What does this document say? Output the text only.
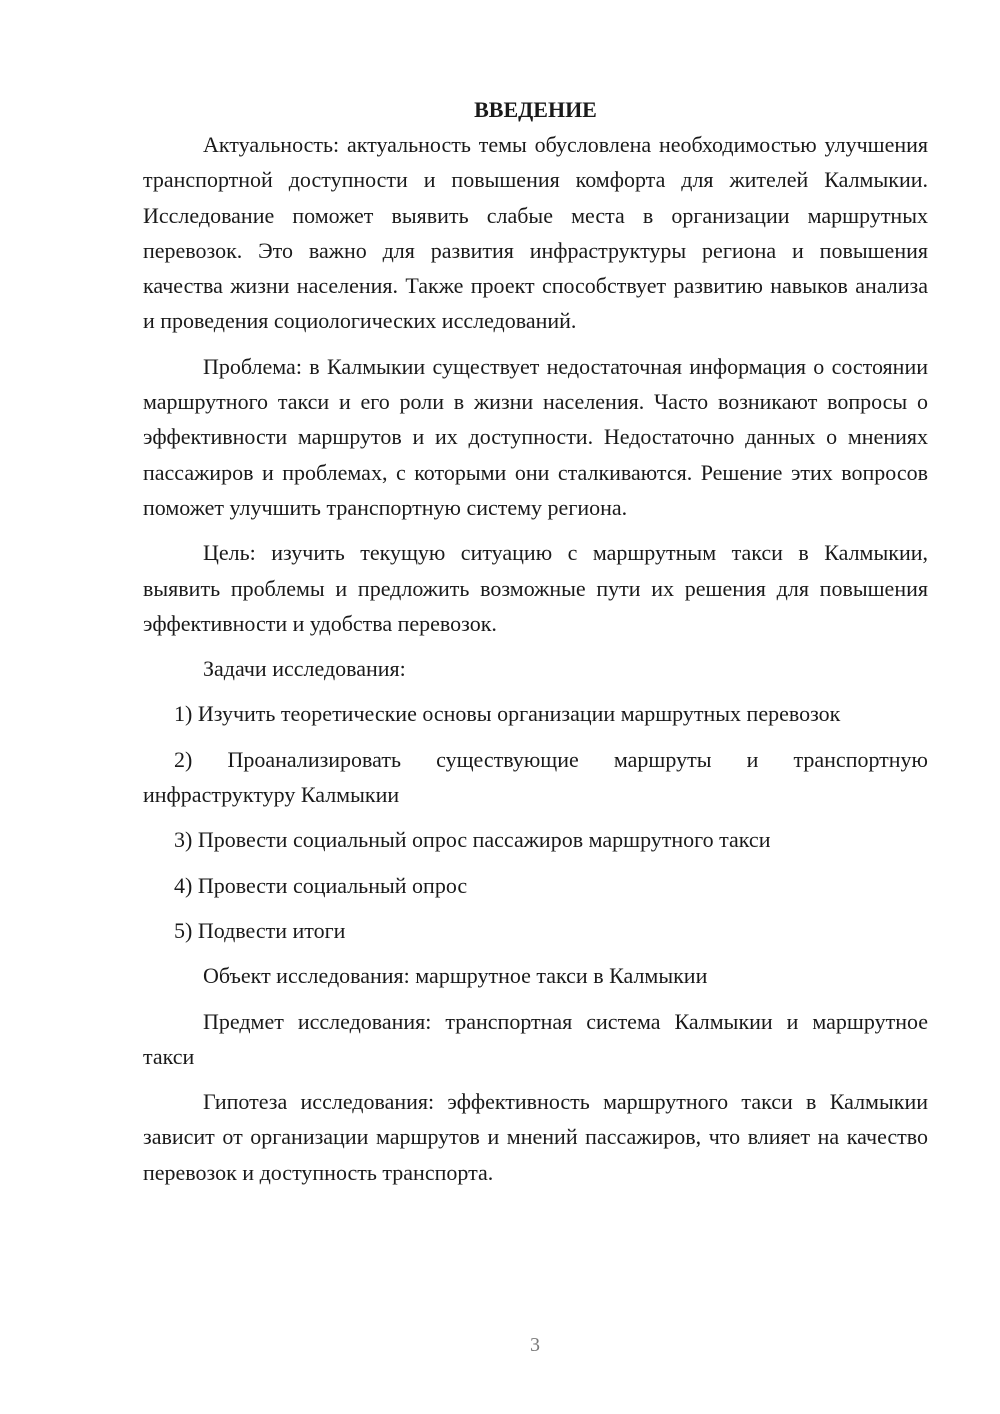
ВВЕДЕНИЕ

Актуальность: актуальность темы обусловлена необходимостью улучшения транспортной доступности и повышения комфорта для жителей Калмыкии. Исследование поможет выявить слабые места в организации маршрутных перевозок. Это важно для развития инфраструктуры региона и повышения качества жизни населения. Также проект способствует развитию навыков анализа и проведения социологических исследований.

Проблема: в Калмыкии существует недостаточная информация о состоянии маршрутного такси и его роли в жизни населения. Часто возникают вопросы о эффективности маршрутов и их доступности. Недостаточно данных о мнениях пассажиров и проблемах, с которыми они сталкиваются. Решение этих вопросов поможет улучшить транспортную систему региона.

Цель: изучить текущую ситуацию с маршрутным такси в Калмыкии, выявить проблемы и предложить возможные пути их решения для повышения эффективности и удобства перевозок.

Задачи исследования:

1) Изучить теоретические основы организации маршрутных перевозок

2) Проанализировать существующие маршруты и транспортную инфраструктуру Калмыкии

3) Провести социальный опрос пассажиров маршрутного такси

4) Провести социальный опрос

5) Подвести итоги

Объект исследования: маршрутное такси в Калмыкии

Предмет исследования: транспортная система Калмыкии и маршрутное такси

Гипотеза исследования: эффективность маршрутного такси в Калмыкии зависит от организации маршрутов и мнений пассажиров, что влияет на качество перевозок и доступность транспорта.

3
